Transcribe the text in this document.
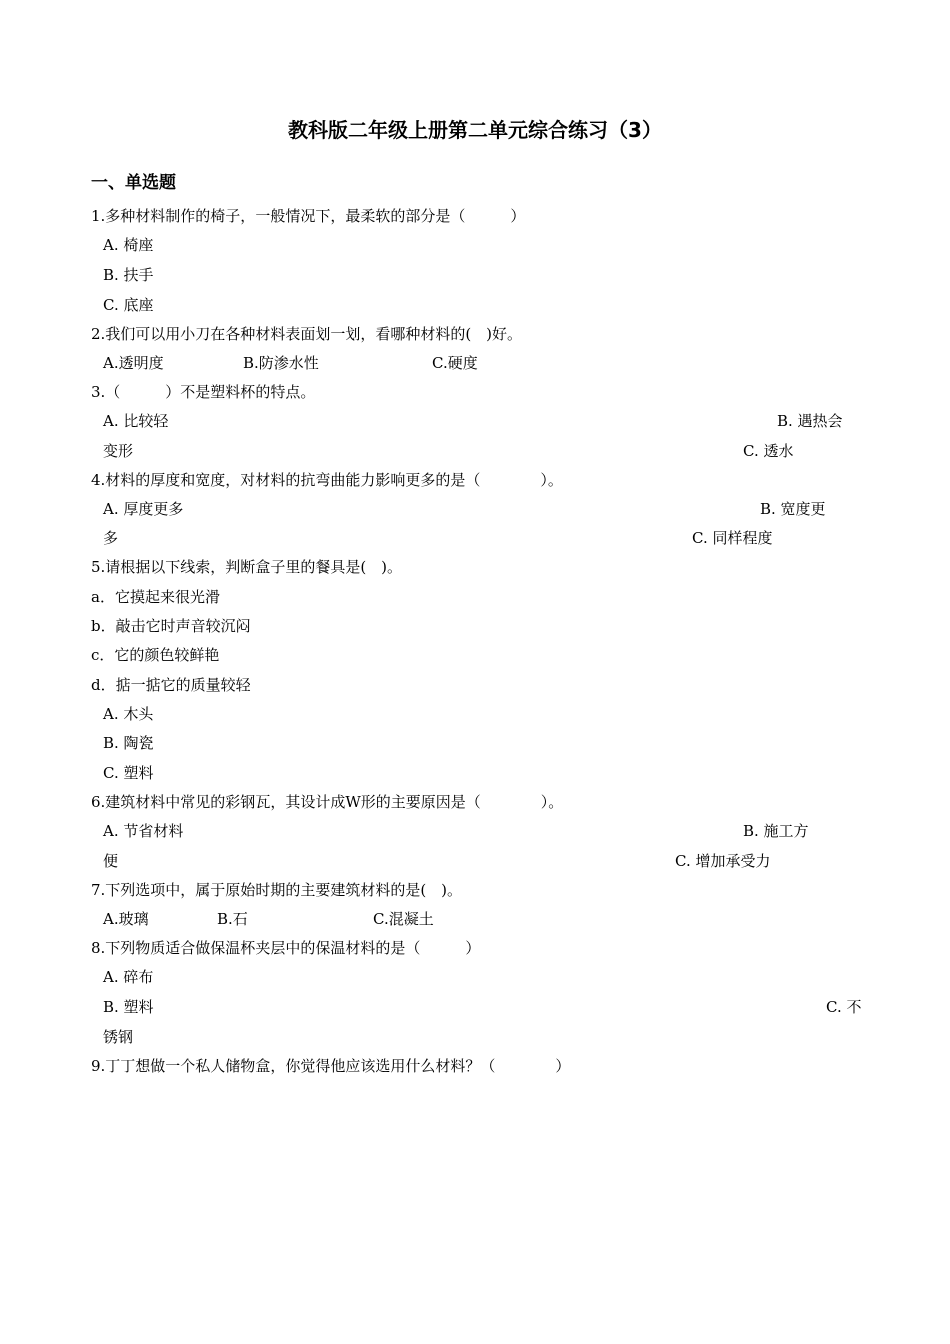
教科版二年级上册第二单元综合练习（3）
一、单选题
1.多种材料制作的椅子，一般情况下，最柔软的部分是（　　　）
A. 椅座
B. 扶手
C. 底座
2.我们可以用小刀在各种材料表面划一划，看哪种材料的(　)好。
A.透明度	B.防渗水性	C.硬度
3.（　　　）不是塑料杯的特点。
A. 比较轻	B. 遇热会
变形	C. 透水
4.材料的厚度和宽度，对材料的抗弯曲能力影响更多的是（　　　　）。
A. 厚度更多	B. 宽度更
多	C. 同样程度
5.请根据以下线索，判断盒子里的餐具是(　)。
a．它摸起来很光滑
b．敲击它时声音较沉闷
c．它的颜色较鲜艳
d．掂一掂它的质量较轻
A. 木头
B. 陶瓷
C. 塑料
6.建筑材料中常见的彩钢瓦，其设计成W形的主要原因是（　　　　）。
A. 节省材料	B. 施工方
便	C. 增加承受力
7.下列选项中，属于原始时期的主要建筑材料的是(　)。
A.玻璃	B.石	C.混凝土
8.下列物质适合做保温杯夹层中的保温材料的是（　　　）
A. 碎布
B. 塑料	C. 不
锈钢
9.丁丁想做一个私人储物盒，你觉得他应该选用什么材料？（　　　　）
